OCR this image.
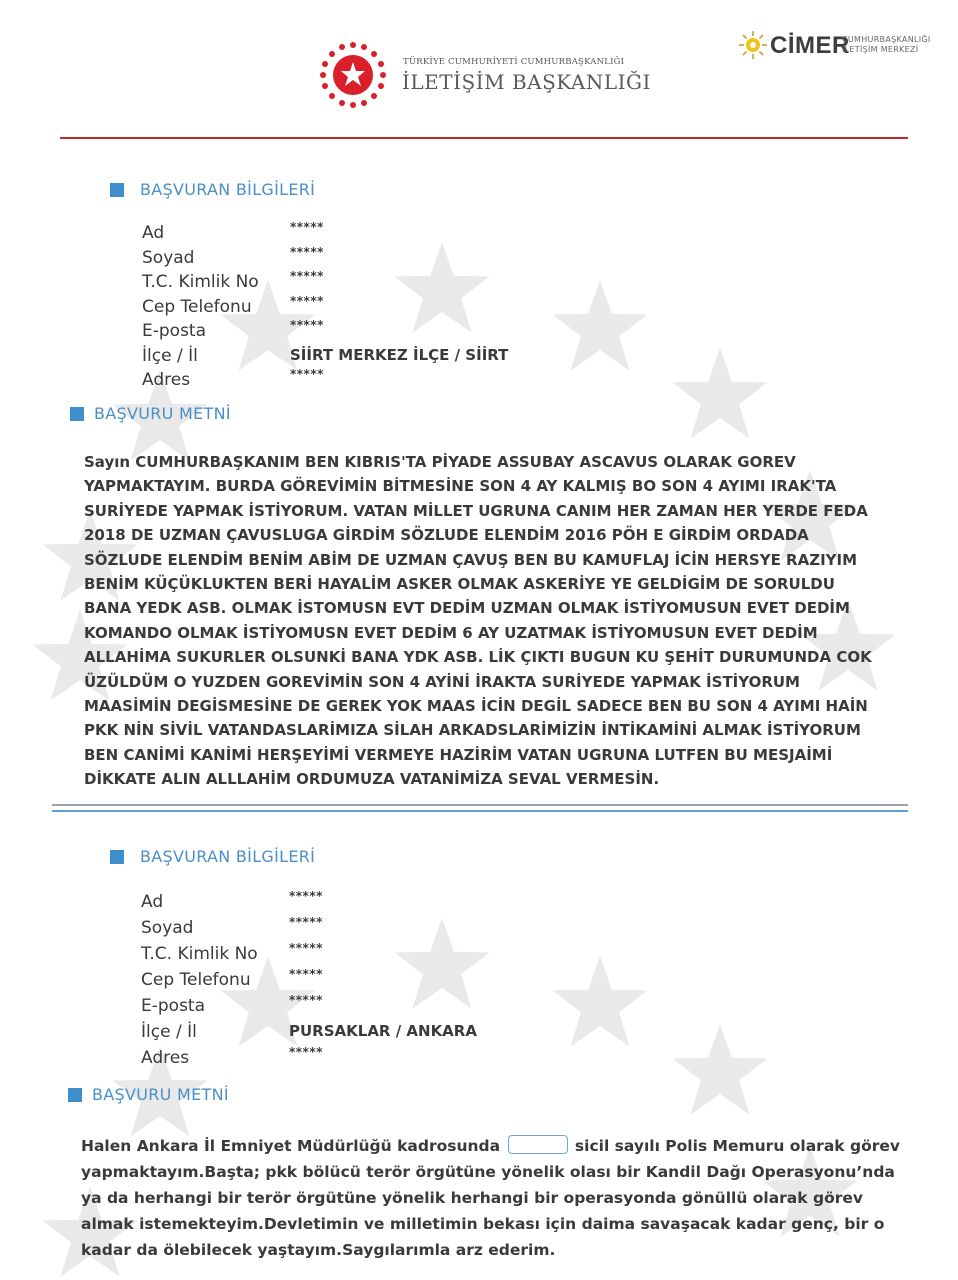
TÜRKİYE CUMHURİYETİ CUMHURBAŞKANLIĞI
İLETİŞİM BAŞKANLIĞI
CİMER
CUMHURBAŞKANLIĞI
İLETİŞİM MERKEZİ
BAŞVURAN BİLGİLERİ
Ad	*****
Soyad	*****
T.C. Kimlik No	*****
Cep Telefonu	*****
E-posta	*****
İlçe / İl	SİİRT MERKEZ İLÇE / SİİRT
Adres	*****
BAŞVURU METNİ
Sayın CUMHURBAŞKANIM BEN KIBRIS'TA PİYADE ASSUBAY ASCAVUS OLARAK GOREV
YAPMAKTAYIM. BURDA GÖREVİMİN BİTMESİNE SON 4 AY KALMIŞ BO SON 4 AYIMI IRAK'TA
SURİYEDE YAPMAK İSTİYORUM. VATAN MİLLET UGRUNA CANIM HER ZAMAN HER YERDE FEDA
2018 DE UZMAN ÇAVUSLUGA GİRDİM SÖZLUDE ELENDİM 2016 PÖH E GİRDİM ORDADA
SÖZLUDE ELENDİM BENİM ABİM DE UZMAN ÇAVUŞ BEN BU KAMUFLAJ İCİN HERSYE RAZIYIM
BENİM KÜÇÜKLUKTEN BERİ HAYALİM ASKER OLMAK ASKERİYE YE GELDİGİM DE SORULDU
BANA YEDK ASB. OLMAK İSTOMUSN EVT DEDİM UZMAN OLMAK İSTİYOMUSUN EVET DEDİM
KOMANDO OLMAK İSTİYOMUSN EVET DEDİM 6 AY UZATMAK İSTİYOMUSUN EVET DEDİM
ALLAHİMA SUKURLER OLSUNKİ BANA YDK ASB. LİK ÇIKTI BUGUN KU ŞEHİT DURUMUNDA COK
ÜZÜLDÜM O YUZDEN GOREVİMİN SON 4 AYİNİ İRAKTA SURİYEDE YAPMAK İSTİYORUM
MAASİMİN DEGİSMESİNE DE GEREK YOK MAAS İCİN DEGİL SADECE BEN BU SON 4 AYIMI HAİN
PKK NİN SİVİL VATANDASLARİMIZA SİLAH ARKADSLARİMİZİN İNTİKAMİNİ ALMAK İSTİYORUM
BEN CANİMİ KANİMİ HERŞEYİMİ VERMEYE HAZİRİM VATAN UGRUNA LUTFEN BU MESJAİMİ
DİKKATE ALIN ALLLAHİM ORDUMUZA VATANİMİZA SEVAL VERMESİN.
BAŞVURAN BİLGİLERİ
Ad	*****
Soyad	*****
T.C. Kimlik No	*****
Cep Telefonu	*****
E-posta	*****
İlçe / İl	PURSAKLAR / ANKARA
Adres	*****
BAŞVURU METNİ
Halen Ankara İl Emniyet Müdürlüğü kadrosunda	sicil sayılı Polis Memuru olarak görev
yapmaktayım.Başta; pkk bölücü terör örgütüne yönelik olası bir Kandil Dağı Operasyonu’nda
ya da herhangi bir terör örgütüne yönelik herhangi bir operasyonda gönüllü olarak görev
almak istemekteyim.Devletimin ve milletimin bekası için daima savaşacak kadar genç, bir o
kadar da ölebilecek yaştayım.Saygılarımla arz ederim.
